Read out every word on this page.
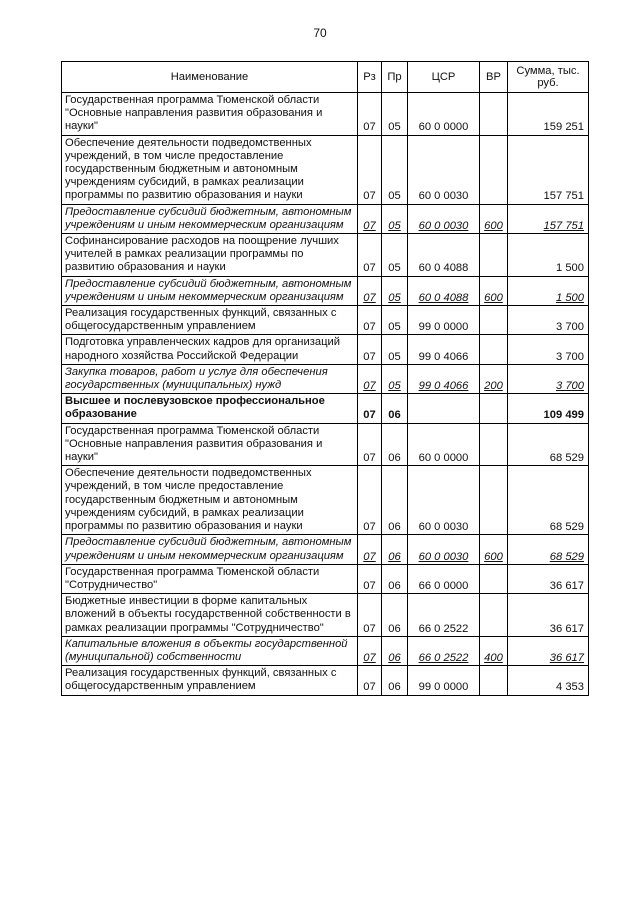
70
Наименование	Рз	Пр	ЦСР	ВР	Сумма, тыс. руб.
Государственная программа Тюменской области "Основные направления развития образования и науки"	07	05	60 0 0000		159 251
Обеспечение деятельности подведомственных учреждений, в том числе предоставление государственным бюджетным и автономным учреждениям субсидий, в рамках реализации программы по развитию образования и науки	07	05	60 0 0030		157 751
Предоставление субсидий бюджетным, автономным учреждениям и иным некоммерческим организациям	07	05	60 0 0030	600	157 751
Софинансирование расходов на поощрение лучших учителей в рамках реализации программы по развитию образования и науки	07	05	60 0 4088		1 500
Предоставление субсидий бюджетным, автономным учреждениям и иным некоммерческим организациям	07	05	60 0 4088	600	1 500
Реализация государственных функций, связанных с общегосударственным управлением	07	05	99 0 0000		3 700
Подготовка управленческих кадров для организаций народного хозяйства Российской Федерации	07	05	99 0 4066		3 700
Закупка товаров, работ и услуг для обеспечения государственных (муниципальных) нужд	07	05	99 0 4066	200	3 700
Высшее и послевузовское профессиональное образование	07	06			109 499
Государственная программа Тюменской области "Основные направления развития образования и науки"	07	06	60 0 0000		68 529
Обеспечение деятельности подведомственных учреждений, в том числе предоставление государственным бюджетным и автономным учреждениям субсидий, в рамках реализации программы по развитию образования и науки	07	06	60 0 0030		68 529
Предоставление субсидий бюджетным, автономным учреждениям и иным некоммерческим организациям	07	06	60 0 0030	600	68 529
Государственная программа Тюменской области "Сотрудничество"	07	06	66 0 0000		36 617
Бюджетные инвестиции в форме капитальных вложений в объекты государственной собственности в рамках реализации программы "Сотрудничество"	07	06	66 0 2522		36 617
Капитальные вложения в объекты государственной (муниципальной) собственности	07	06	66 0 2522	400	36 617
Реализация государственных функций, связанных с общегосударственным управлением	07	06	99 0 0000		4 353
